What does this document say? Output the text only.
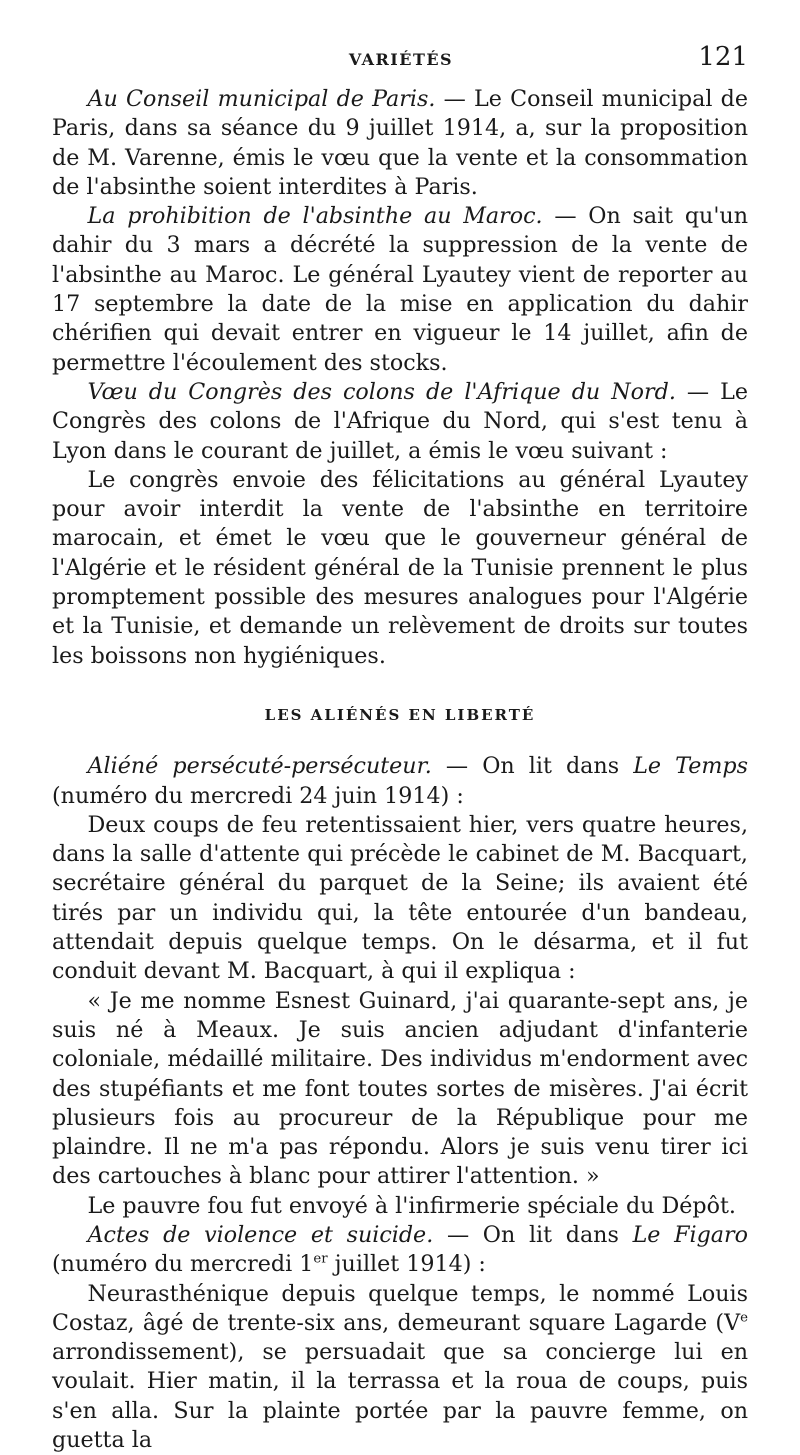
VARIÉTÉS	121

Au Conseil municipal de Paris. — Le Conseil municipal de Paris, dans sa séance du 9 juillet 1914, a, sur la proposition de M. Varenne, émis le vœu que la vente et la consommation de l'absinthe soient interdites à Paris.

La prohibition de l'absinthe au Maroc. — On sait qu'un dahir du 3 mars a décrété la suppression de la vente de l'absinthe au Maroc. Le général Lyautey vient de reporter au 17 septembre la date de la mise en application du dahir chérifien qui devait entrer en vigueur le 14 juillet, afin de permettre l'écoulement des stocks.

Vœu du Congrès des colons de l'Afrique du Nord. — Le Congrès des colons de l'Afrique du Nord, qui s'est tenu à Lyon dans le courant de juillet, a émis le vœu suivant :

Le congrès envoie des félicitations au général Lyautey pour avoir interdit la vente de l'absinthe en territoire marocain, et émet le vœu que le gouverneur général de l'Algérie et le résident général de la Tunisie prennent le plus promptement possible des mesures analogues pour l'Algérie et la Tunisie, et demande un relèvement de droits sur toutes les boissons non hygiéniques.

LES ALIÉNÉS EN LIBERTÉ

Aliéné persécuté-persécuteur. — On lit dans Le Temps (numéro du mercredi 24 juin 1914) :

Deux coups de feu retentissaient hier, vers quatre heures, dans la salle d'attente qui précède le cabinet de M. Bacquart, secrétaire général du parquet de la Seine; ils avaient été tirés par un individu qui, la tête entourée d'un bandeau, attendait depuis quelque temps. On le désarma, et il fut conduit devant M. Bacquart, à qui il expliqua :

« Je me nomme Esnest Guinard, j'ai quarante-sept ans, je suis né à Meaux. Je suis ancien adjudant d'infanterie coloniale, médaillé militaire. Des individus m'endorment avec des stupéfiants et me font toutes sortes de misères. J'ai écrit plusieurs fois au procureur de la République pour me plaindre. Il ne m'a pas répondu. Alors je suis venu tirer ici des cartouches à blanc pour attirer l'attention. »

Le pauvre fou fut envoyé à l'infirmerie spéciale du Dépôt.

Actes de violence et suicide. — On lit dans Le Figaro (numéro du mercredi 1er juillet 1914) :

Neurasthénique depuis quelque temps, le nommé Louis Costaz, âgé de trente-six ans, demeurant square Lagarde (Ve arrondissement), se persuadait que sa concierge lui en voulait. Hier matin, il la terrassa et la roua de coups, puis s'en alla. Sur la plainte portée par la pauvre femme, on guetta la
